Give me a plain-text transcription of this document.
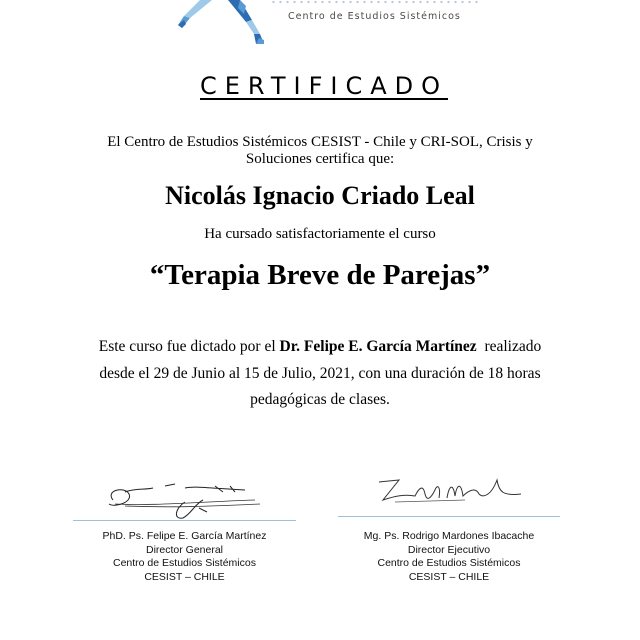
Centro de Estudios Sistémicos
CERTIFICADO
El Centro de Estudios Sistémicos CESIST - Chile y CRI-SOL, Crisis y
Soluciones certifica que:
Nicolás Ignacio Criado Leal
Ha cursado satisfactoriamente el curso
“Terapia Breve de Parejas”
Este curso fue dictado por el Dr. Felipe E. García Martínez  realizado desde el 29 de Junio al 15 de Julio, 2021, con una duración de 18 horas pedagógicas de clases.
PhD. Ps. Felipe E. García Martínez
Director General
Centro de Estudios Sistémicos
CESIST – CHILE
Mg. Ps. Rodrigo Mardones Ibacache
Director Ejecutivo
Centro de Estudios Sistémicos
CESIST – CHILE
